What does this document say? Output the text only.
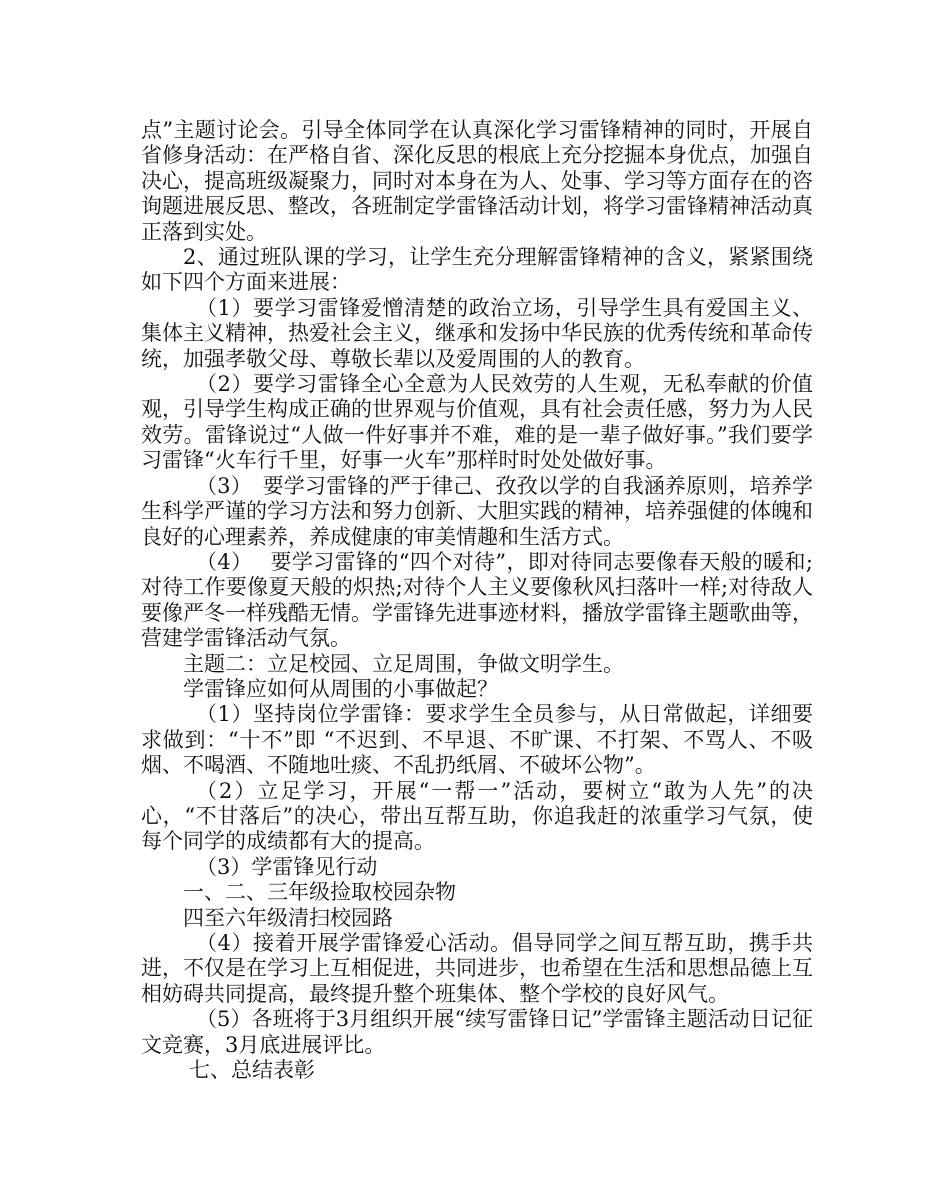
点”主题讨论会。引导全体同学在认真深化学习雷锋精神的同时，开展自省修身活动：在严格自省、深化反思的根底上充分挖掘本身优点，加强自决心，提高班级凝聚力，同时对本身在为人、处事、学习等方面存在的咨询题进展反思、整改，各班制定学雷锋活动计划，将学习雷锋精神活动真正落到实处。

2、通过班队课的学习，让学生充分理解雷锋精神的含义，紧紧围绕如下四个方面来进展：

（1）要学习雷锋爱憎清楚的政治立场，引导学生具有爱国主义、集体主义精神，热爱社会主义，继承和发扬中华民族的优秀传统和革命传统，加强孝敬父母、尊敬长辈以及爱周围的人的教育。

（2）要学习雷锋全心全意为人民效劳的人生观，无私奉献的价值观，引导学生构成正确的世界观与价值观，具有社会责任感，努力为人民效劳。雷锋说过“人做一件好事并不难，难的是一辈子做好事。”我们要学习雷锋“火车行千里，好事一火车”那样时时处处做好事。

（3）　要学习雷锋的严于律己、孜孜以学的自我涵养原则，培养学生科学严谨的学习方法和努力创新、大胆实践的精神，培养强健的体魄和良好的心理素养，养成健康的审美情趣和生活方式。

（4）　 要学习雷锋的“四个对待”，即对待同志要像春天般的暖和;对待工作要像夏天般的炽热;对待个人主义要像秋风扫落叶一样;对待敌人要像严冬一样残酷无情。学雷锋先进事迹材料，播放学雷锋主题歌曲等，营建学雷锋活动气氛。

主题二：立足校园、立足周围，争做文明学生。

学雷锋应如何从周围的小事做起？

（1）坚持岗位学雷锋：要求学生全员参与，从日常做起，详细要求做到：“十不”即 “不迟到、不早退、不旷课、不打架、不骂人、不吸烟、不喝酒、不随地吐痰、不乱扔纸屑、不破坏公物”。

（2）立足学习，开展“一帮一”活动，要树立“敢为人先”的决心，“不甘落后”的决心，带出互帮互助，你追我赶的浓重学习气氛，使每个同学的成绩都有大的提高。

（3）学雷锋见行动

一、二、三年级捡取校园杂物

四至六年级清扫校园路

（4）接着开展学雷锋爱心活动。倡导同学之间互帮互助，携手共进，不仅是在学习上互相促进，共同进步，也希望在生活和思想品德上互相妨碍共同提高，最终提升整个班集体、整个学校的良好风气。

（5）各班将于3月组织开展“续写雷锋日记”学雷锋主题活动日记征文竞赛，3月底进展评比。

七、总结表彰
